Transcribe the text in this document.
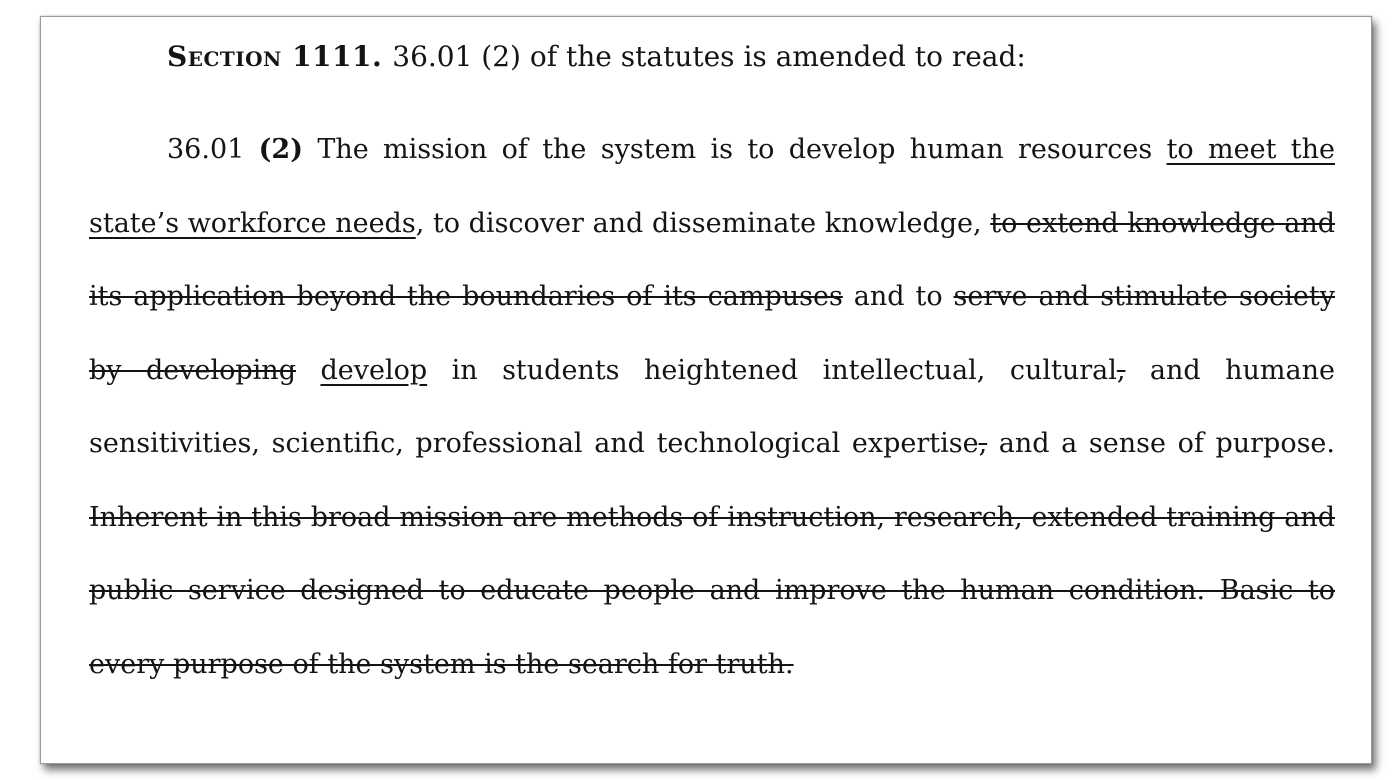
Section 1111. 36.01 (2) of the statutes is amended to read:

36.01 (2) The mission of the system is to develop human resources to meet the state’s workforce needs, to discover and disseminate knowledge, to extend knowledge and its application beyond the boundaries of its campuses and to serve and stimulate society by developing develop in students heightened intellectual, cultural, and humane sensitivities, scientific, professional and technological expertise, and a sense of purpose. Inherent in this broad mission are methods of instruction, research, extended training and public service designed to educate people and improve the human condition. Basic to every purpose of the system is the search for truth.
